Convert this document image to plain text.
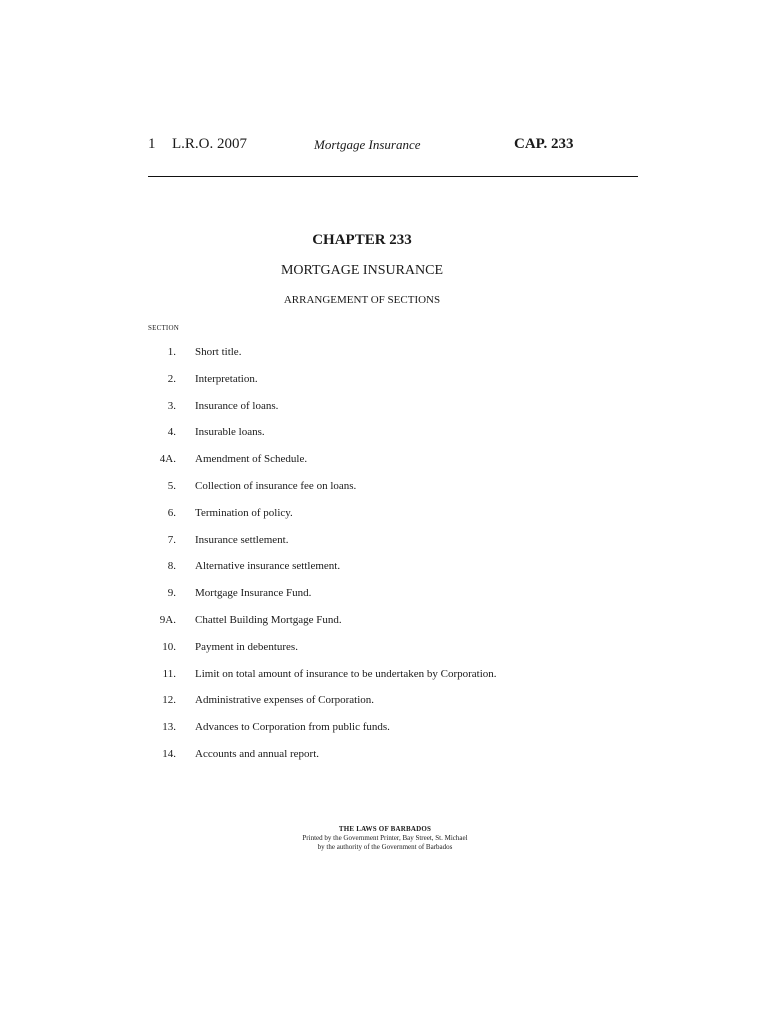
1 L.R.O. 2007	Mortgage Insurance	CAP. 233
CHAPTER 233
MORTGAGE INSURANCE
ARRANGEMENT OF SECTIONS
SECTION
1. Short title.
2. Interpretation.
3. Insurance of loans.
4. Insurable loans.
4A. Amendment of Schedule.
5. Collection of insurance fee on loans.
6. Termination of policy.
7. Insurance settlement.
8. Alternative insurance settlement.
9. Mortgage Insurance Fund.
9A. Chattel Building Mortgage Fund.
10. Payment in debentures.
11. Limit on total amount of insurance to be undertaken by Corporation.
12. Administrative expenses of Corporation.
13. Advances to Corporation from public funds.
14. Accounts and annual report.
THE LAWS OF BARBADOS
Printed by the Government Printer, Bay Street, St. Michael
by the authority of the Government of Barbados
